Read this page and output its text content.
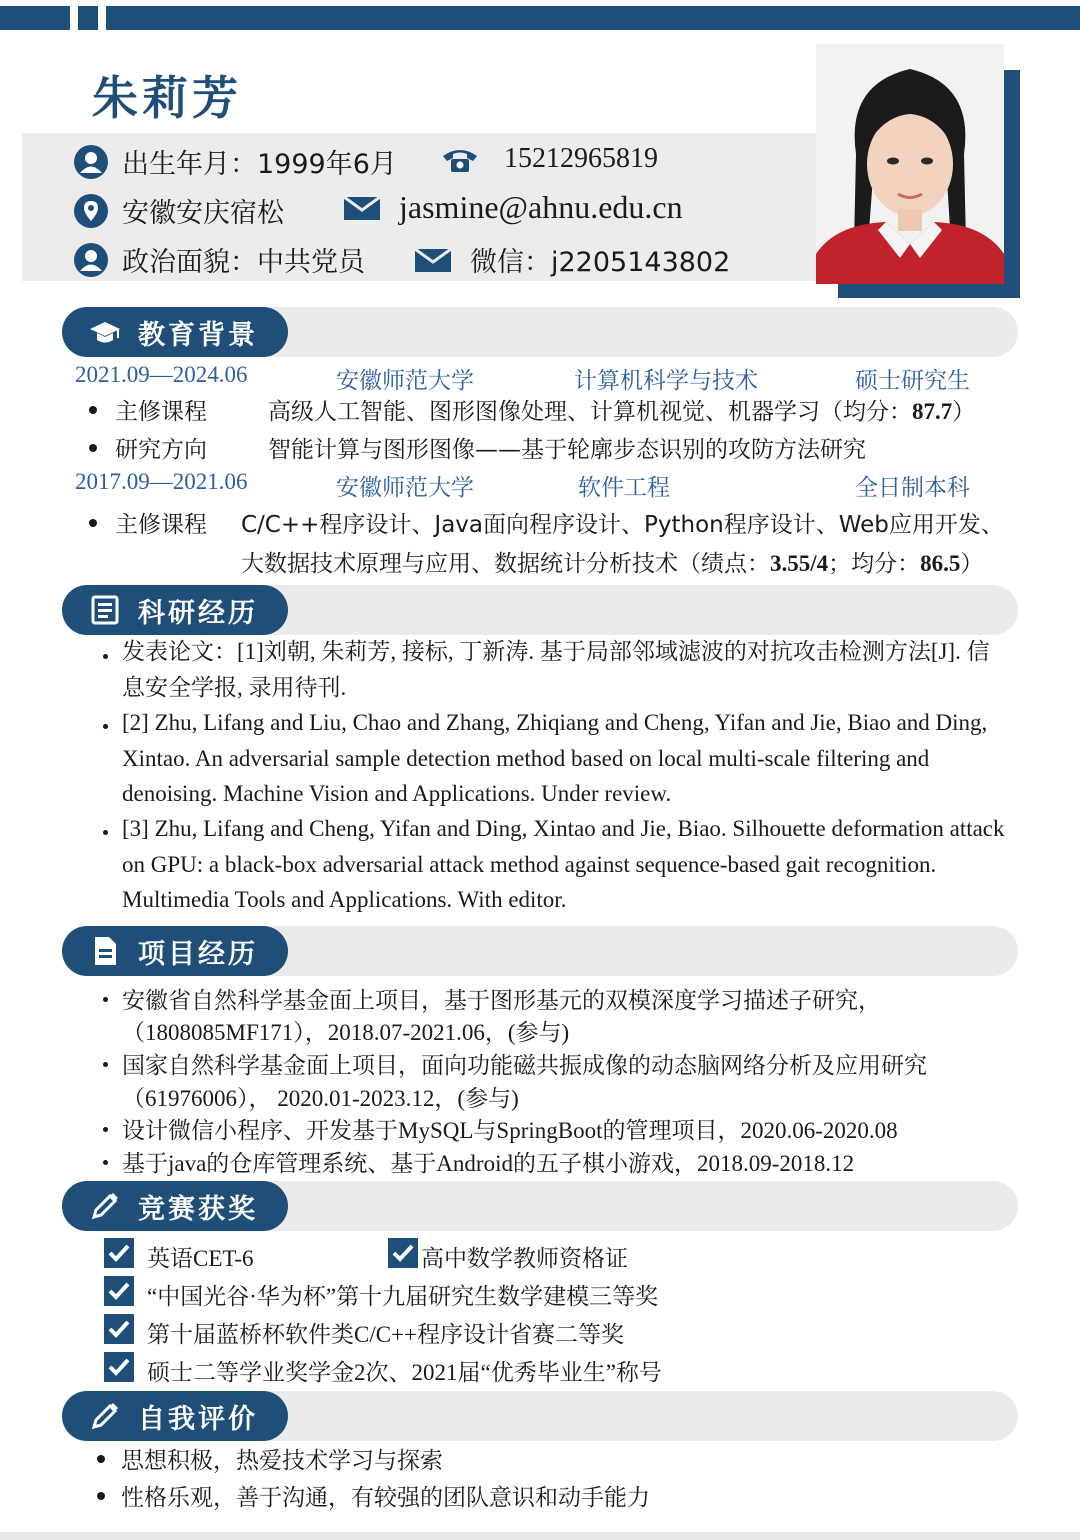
朱莉芳
出生年月：1999年6月	15212965819
安徽安庆宿松	jasmine@ahnu.edu.cn
政治面貌：中共党员	微信：j2205143802
教育背景
2021.09—2024.06	安徽师范大学	计算机科学与技术	硕士研究生
主修课程	高级人工智能、图形图像处理、计算机视觉、机器学习（均分：87.7）
研究方向	智能计算与图形图像——基于轮廓步态识别的攻防方法研究
2017.09—2021.06	安徽师范大学	软件工程	全日制本科
主修课程 C/C++程序设计、Java面向程序设计、Python程序设计、Web应用开发、
大数据技术原理与应用、数据统计分析技术（绩点：3.55/4；均分：86.5）
科研经历
发表论文：[1]刘朝, 朱莉芳, 接标, 丁新涛. 基于局部邻域滤波的对抗攻击检测方法[J]. 信息安全学报, 录用待刊.
[2] Zhu, Lifang and Liu, Chao and Zhang, Zhiqiang and Cheng, Yifan and Jie, Biao and Ding, Xintao. An adversarial sample detection method based on local multi-scale filtering and denoising. Machine Vision and Applications. Under review.
[3] Zhu, Lifang and Cheng, Yifan and Ding, Xintao and Jie, Biao. Silhouette deformation attack on GPU: a black-box adversarial attack method against sequence-based gait recognition. Multimedia Tools and Applications. With editor.
项目经历
安徽省自然科学基金面上项目，基于图形基元的双模深度学习描述子研究，
（1808085MF171），2018.07-2021.06，(参与)
国家自然科学基金面上项目，面向功能磁共振成像的动态脑网络分析及应用研究
（61976006）， 2020.01-2023.12，(参与)
设计微信小程序、开发基于MySQL与SpringBoot的管理项目，2020.06-2020.08
基于java的仓库管理系统、基于Android的五子棋小游戏，2018.09-2018.12
竞赛获奖
英语CET-6	高中数学教师资格证
“中国光谷·华为杯”第十九届研究生数学建模三等奖
第十届蓝桥杯软件类C/C++程序设计省赛二等奖
硕士二等学业奖学金2次、2021届“优秀毕业生”称号
自我评价
思想积极，热爱技术学习与探索
性格乐观，善于沟通，有较强的团队意识和动手能力
